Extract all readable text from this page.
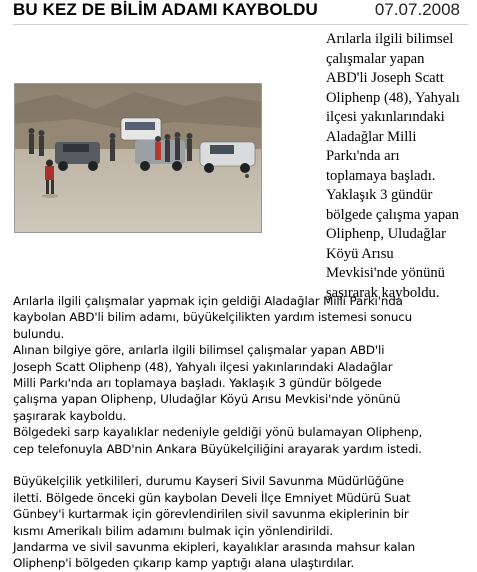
BU KEZ DE BİLİM ADAMI KAYBOLDU	07.07.2008
Arılarla ilgili bilimsel
çalışmalar yapan
ABD'li Joseph Scatt
Oliphenp (48), Yahyalı
ilçesi yakınlarındaki
Aladağlar Milli
Parkı'nda arı
toplamaya başladı.
Yaklaşık 3 gündür
bölgede çalışma yapan
Oliphenp, Uludağlar
Köyü Arısu
Mevkisi'nde yönünü
şaşırarak kayboldu.
Arılarla ilgili çalışmalar yapmak için geldiği Aladağlar Milli Parkı'nda
kaybolan ABD'li bilim adamı, büyükelçilikten yardım istemesi sonucu
bulundu.
Alınan bilgiye göre, arılarla ilgili bilimsel çalışmalar yapan ABD'li
Joseph Scatt Oliphenp (48), Yahyalı ilçesi yakınlarındaki Aladağlar
Milli Parkı'nda arı toplamaya başladı. Yaklaşık 3 gündür bölgede
çalışma yapan Oliphenp, Uludağlar Köyü Arısu Mevkisi'nde yönünü
şaşırarak kayboldu.
Bölgedeki sarp kayalıklar nedeniyle geldiği yönü bulamayan Oliphenp,
cep telefonuyla ABD'nin Ankara Büyükelçiliğini arayarak yardım istedi.
Büyükelçilik yetkilileri, durumu Kayseri Sivil Savunma Müdürlüğüne
iletti. Bölgede önceki gün kaybolan Develi İlçe Emniyet Müdürü Suat
Günbey'i kurtarmak için görevlendirilen sivil savunma ekiplerinin bir
kısmı Amerikalı bilim adamını bulmak için yönlendirildi.
Jandarma ve sivil savunma ekipleri, kayalıklar arasında mahsur kalan
Oliphenp'i bölgeden çıkarıp kamp yaptığı alana ulaştırdılar.
